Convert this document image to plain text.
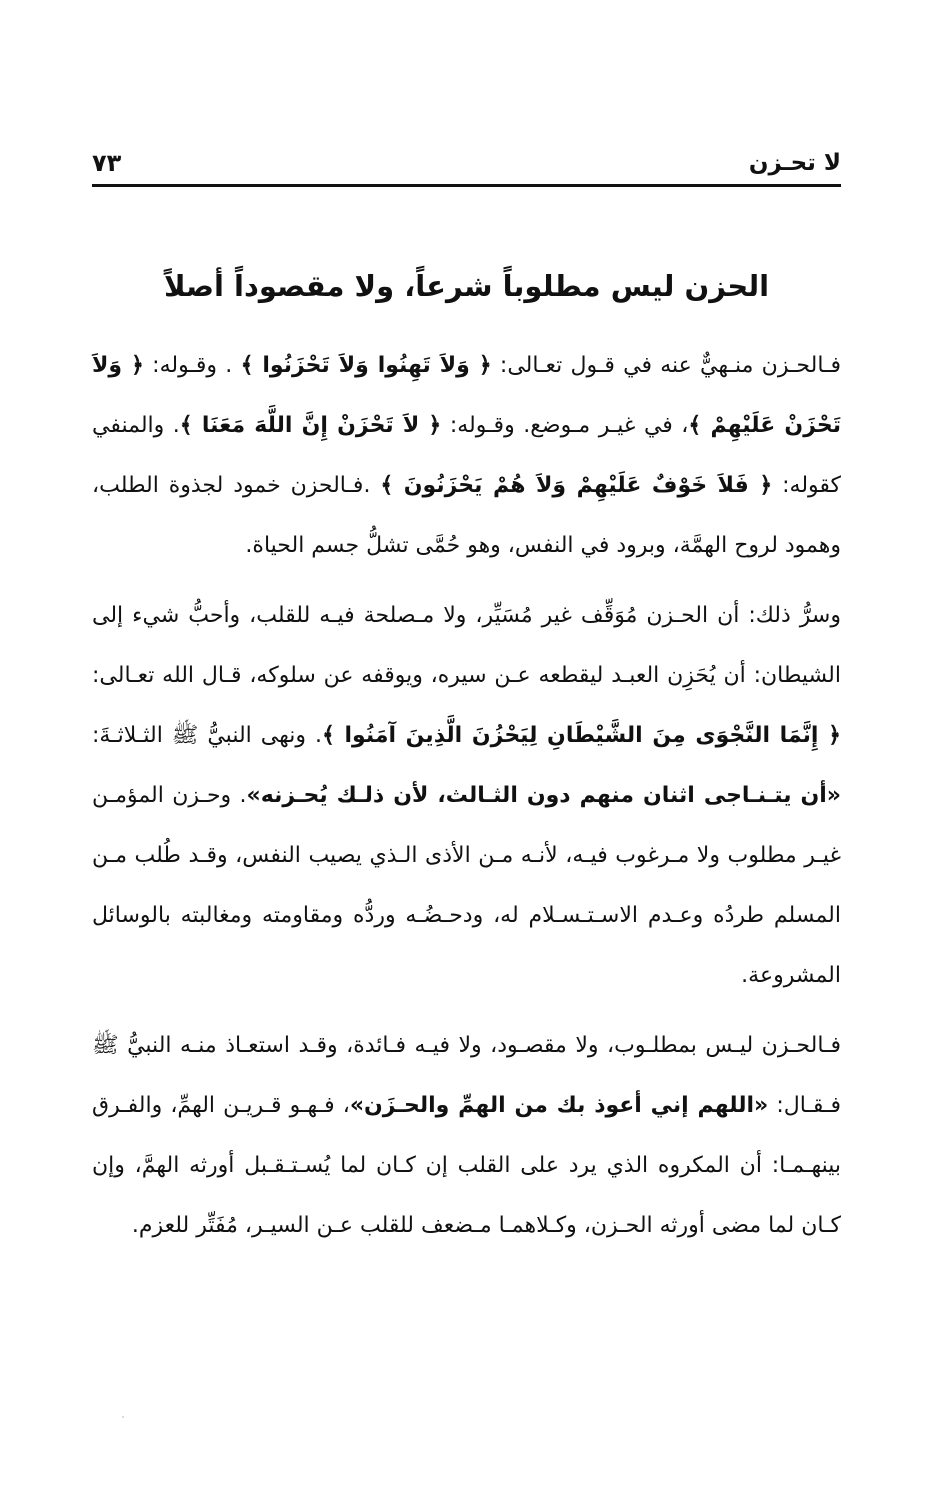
لا تحـزن
٧٣
الحزن ليس مطلوباً شرعاً، ولا مقصوداً أصلاً

فـالحـزن منـهيٌّ عنه في قـول تعـالى: ﴿ وَلاَ تَهِنُوا وَلاَ تَحْزَنُوا ﴾ . وقـوله: ﴿ وَلاَ تَحْزَنْ عَلَيْهِمْ ﴾، في غيـر مـوضع. وقـوله: ﴿ لاَ تَحْزَنْ إِنَّ اللَّهَ مَعَنَا ﴾. والمنفي كقوله: ﴿ فَلاَ خَوْفٌ عَلَيْهِمْ وَلاَ هُمْ يَحْزَنُونَ ﴾ .فـالحزن خمود لجذوة الطلب، وهمود لروح الهمَّة، وبرود في النفس، وهو حُمَّى تشلُّ جسم الحياة.

وسرُّ ذلك: أن الحـزن مُوَقِّف غير مُسَيِّر، ولا مـصلحة فيـه للقلب، وأحبُّ شيء إلى الشيطان: أن يُحَزِن العبـد ليقطعه عـن سيره، ويوقفه عن سلوكه، قـال الله تعـالى: ﴿ إِنَّمَا النَّجْوَى مِنَ الشَّيْطَانِ لِيَحْزُنَ الَّذِينَ آمَنُوا ﴾. ونهى النبيُّ ﷺ الثـلاثـةَ: «أن يتـنـاجى اثنان منهم دون الثـالث، لأن ذلـك يُحـزنه». وحـزن المؤمـن غيـر مطلوب ولا مـرغوب فيـه، لأنـه مـن الأذى الـذي يصيب النفس، وقـد طُلب مـن المسلم طردُه وعـدم الاسـتـسـلام له، ودحـضُـه وردُّه ومقاومته ومغالبته بالوسائل المشروعة.

فـالحـزن ليـس بمطلـوب، ولا مقصـود، ولا فيـه فـائدة، وقـد استعـاذ منـه النبيُّ ﷺ فـقـال: «اللهم إني أعوذ بك من الهمِّ والحـزَن»، فـهـو قـريـن الهمِّ، والفـرق بينهـمـا: أن المكروه الذي يرد على القلب إن كـان لما يُسـتـقـبل أورثه الهمَّ، وإن كـان لما مضى أورثه الحـزن، وكـلاهمـا مـضعف للقلب عـن السيـر، مُفَتِّر للعزم.
